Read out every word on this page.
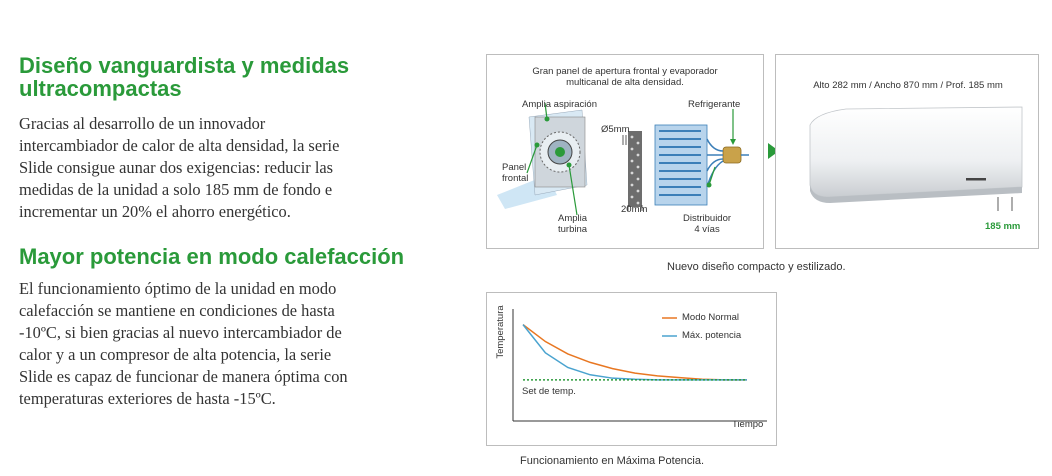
Diseño vanguardista y medidas ultracompactas

Gracias al desarrollo de un innovador
intercambiador de calor de alta densidad, la serie
Slide consigue aunar dos exigencias: reducir las
medidas de la unidad a solo 185 mm de fondo e
incrementar un 20% el ahorro energético.

Mayor potencia en modo calefacción

El funcionamiento óptimo de la unidad en modo
calefacción se mantiene en condiciones de hasta
-10ºC, si bien gracias al nuevo intercambiador de
calor y a un compresor de alta potencia, la serie
Slide es capaz de funcionar de manera óptima con
temperaturas exteriores de hasta -15ºC.

Gran panel de apertura frontal y evaporador
multicanal de alta densidad.
Amplia aspiración	Refrigerante
Ø5mm
Panel
frontal
20mm
Amplia
turbina
Distribuidor
4 vías
Alto 282 mm / Ancho 870 mm / Prof. 185 mm
185 mm
Nuevo diseño compacto y estilizado.
Temperatura
Tiempo
Set de temp.
Modo Normal
Máx. potencia
Funcionamiento en Máxima Potencia.
